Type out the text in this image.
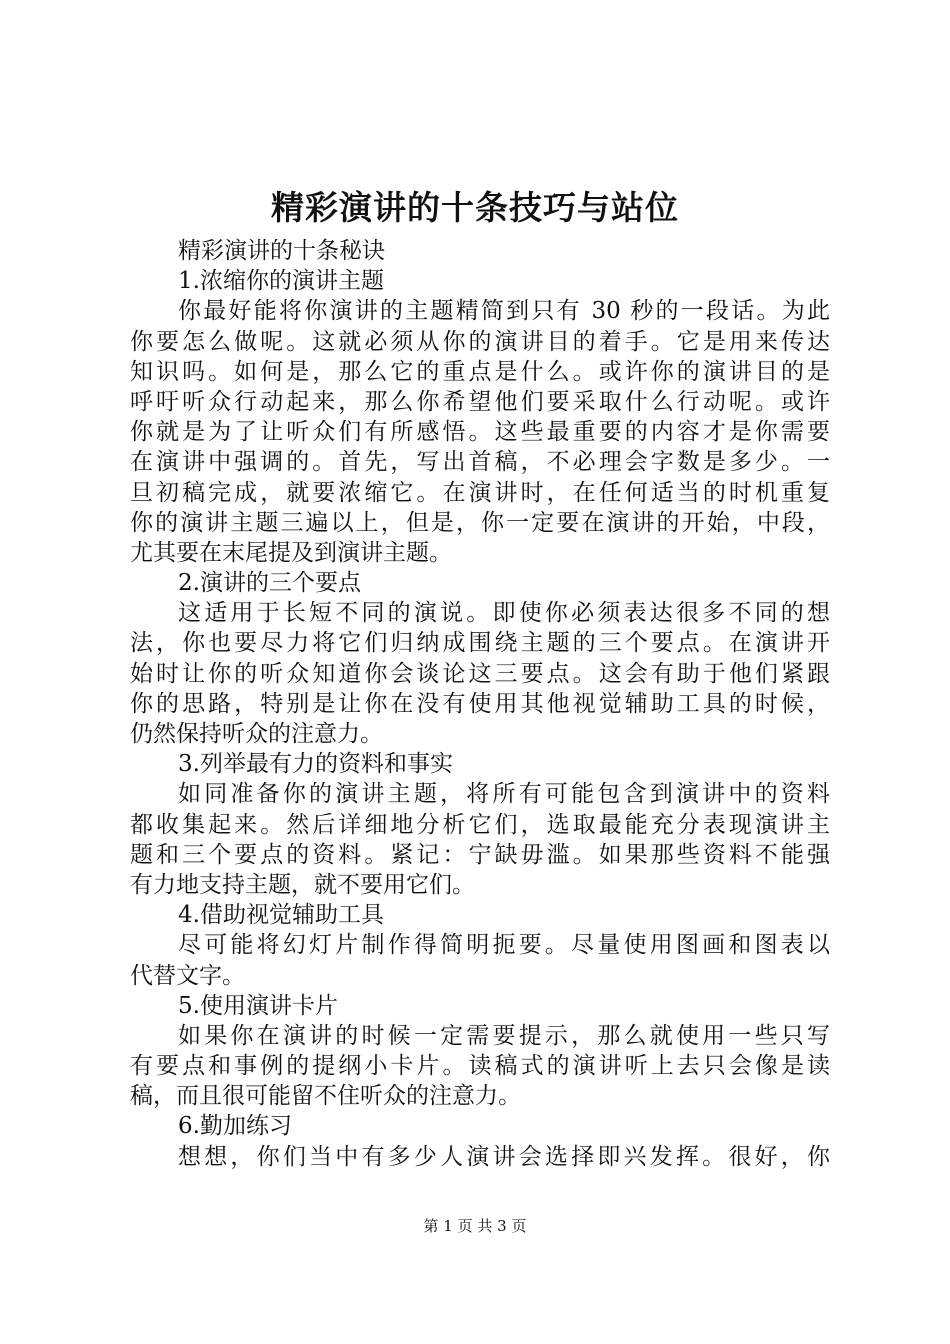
精彩演讲的十条技巧与站位
精彩演讲的十条秘诀
1.浓缩你的演讲主题
你最好能将你演讲的主题精简到只有 30 秒的一段话。为此
你要怎么做呢。这就必须从你的演讲目的着手。它是用来传达
知识吗。如何是，那么它的重点是什么。或许你的演讲目的是
呼吁听众行动起来，那么你希望他们要采取什么行动呢。或许
你就是为了让听众们有所感悟。这些最重要的内容才是你需要
在演讲中强调的。首先，写出首稿，不必理会字数是多少。一
旦初稿完成，就要浓缩它。在演讲时，在任何适当的时机重复
你的演讲主题三遍以上，但是，你一定要在演讲的开始，中段，
尤其要在末尾提及到演讲主题。
2.演讲的三个要点
这适用于长短不同的演说。即使你必须表达很多不同的想
法，你也要尽力将它们归纳成围绕主题的三个要点。在演讲开
始时让你的听众知道你会谈论这三要点。这会有助于他们紧跟
你的思路，特别是让你在没有使用其他视觉辅助工具的时候，
仍然保持听众的注意力。
3.列举最有力的资料和事实
如同准备你的演讲主题，将所有可能包含到演讲中的资料
都收集起来。然后详细地分析它们，选取最能充分表现演讲主
题和三个要点的资料。紧记：宁缺毋滥。如果那些资料不能强
有力地支持主题，就不要用它们。
4.借助视觉辅助工具
尽可能将幻灯片制作得简明扼要。尽量使用图画和图表以
代替文字。
5.使用演讲卡片
如果你在演讲的时候一定需要提示，那么就使用一些只写
有要点和事例的提纲小卡片。读稿式的演讲听上去只会像是读
稿，而且很可能留不住听众的注意力。
6.勤加练习
想想，你们当中有多少人演讲会选择即兴发挥。很好，你
第 1 页 共 3 页
